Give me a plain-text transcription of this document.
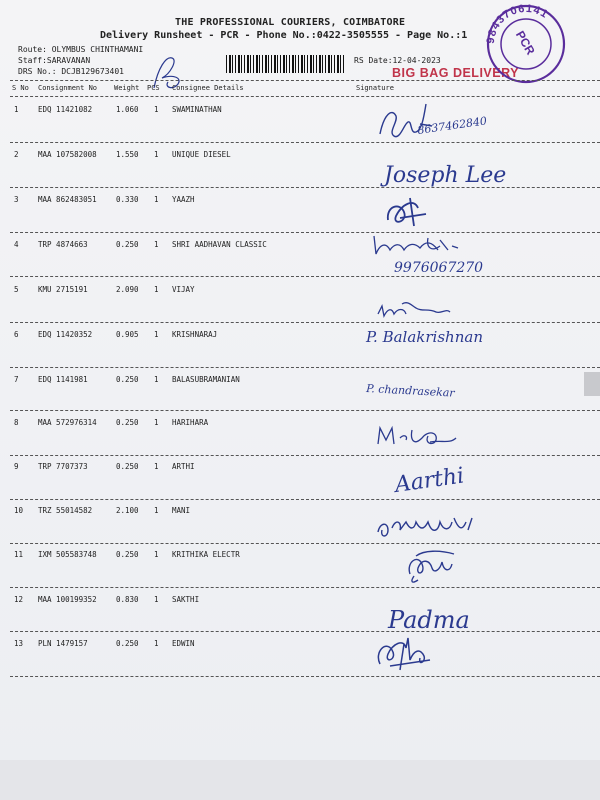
THE PROFESSIONAL COURIERS, COIMBATORE
Delivery Runsheet - PCR - Phone No.:0422-3505555 - Page No.:1
Route: OLYMBUS CHINTHAMANI
Staff:SARAVANAN
DRS No.: DCJB129673401
RS Date:12-04-2023
BIG BAG DELIVERY
9843706141
PCR
S No Consignment No Weight PCS Consignee Details	Signature
1	EDQ 11421082	1.060 1 SWAMINATHAN
2	MAA 107582008	1.550 1 UNIQUE DIESEL
3	MAA 862483051	0.330 1 YAAZH
4	TRP 4874663	0.250 1 SHRI AADHAVAN CLASSIC
5	KMU 2715191	2.090 1 VIJAY
6	EDQ 11420352	0.905 1 KRISHNARAJ
7	EDQ 1141981	0.250 1 BALASUBRAMANIAN
8	MAA 572976314	0.250 1 HARIHARA
9	TRP 7707373	0.250 1 ARTHI
10 TRZ 55014582	2.100 1 MANI
11 IXM 505583748	0.250 1 KRITHIKA ELECTR
12 MAA 100199352	0.830 1 SAKTHI
13 PLN 1479157	0.250 1 EDWIN
8637462840
Joseph Lee
9976067270
P. Balakrishnan
P. chandrasekar
Aarthi
Padma
